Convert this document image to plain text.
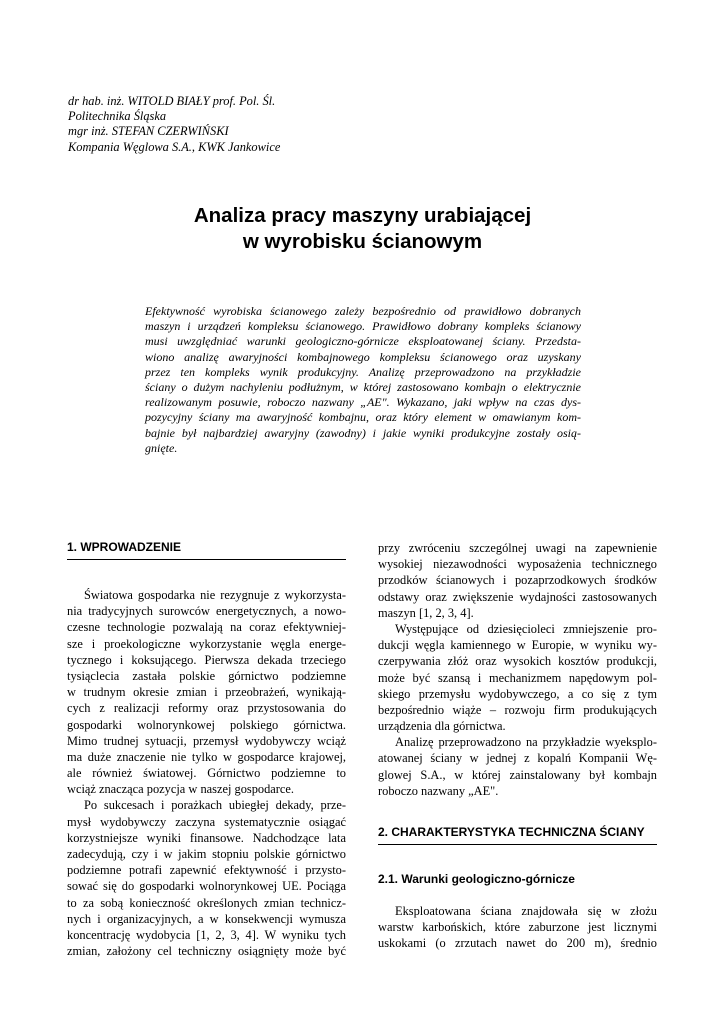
dr hab. inż. WITOLD BIAŁY prof. Pol. Śl.
Politechnika Śląska
mgr inż. STEFAN CZERWIŃSKI
Kompania Węglowa S.A., KWK Jankowice
Analiza pracy maszyny urabiającej
w wyrobisku ścianowym
Efektywność wyrobiska ścianowego zależy bezpośrednio od prawidłowo dobranych
maszyn i urządzeń kompleksu ścianowego. Prawidłowo dobrany kompleks ścianowy
musi uwzględniać warunki geologiczno-górnicze eksploatowanej ściany. Przedsta-
wiono analizę awaryjności kombajnowego kompleksu ścianowego oraz uzyskany
przez ten kompleks wynik produkcyjny. Analizę przeprowadzono na przykładzie
ściany o dużym nachyleniu podłużnym, w której zastosowano kombajn o elektrycznie
realizowanym posuwie, roboczo nazwany „AE". Wykazano, jaki wpływ na czas dys-
pozycyjny ściany ma awaryjność kombajnu, oraz który element w omawianym kom-
bajnie był najbardziej awaryjny (zawodny) i jakie wyniki produkcyjne zostały osią-
gnięte.
1. WPROWADZENIE
Światowa gospodarka nie rezygnuje z wykorzysta-
nia tradycyjnych surowców energetycznych, a nowo-
czesne technologie pozwalają na coraz efektywniej-
sze i proekologiczne wykorzystanie węgla energe-
tycznego i koksującego. Pierwsza dekada trzeciego
tysiąclecia zastała polskie górnictwo podziemne
w trudnym okresie zmian i przeobrażeń, wynikają-
cych z realizacji reformy oraz przystosowania do
gospodarki wolnorynkowej polskiego górnictwa.
Mimo trudnej sytuacji, przemysł wydobywczy wciąż
ma duże znaczenie nie tylko w gospodarce krajowej,
ale również światowej. Górnictwo podziemne to
wciąż znacząca pozycja w naszej gospodarce.
Po sukcesach i porażkach ubiegłej dekady, prze-
mysł wydobywczy zaczyna systematycznie osiągać
korzystniejsze wyniki finansowe. Nadchodzące lata
zadecydują, czy i w jakim stopniu polskie górnictwo
podziemne potrafi zapewnić efektywność i przysto-
sować się do gospodarki wolnorynkowej UE. Pociąga
to za sobą konieczność określonych zmian technicz-
nych i organizacyjnych, a w konsekwencji wymusza
koncentrację wydobycia [1, 2, 3, 4]. W wyniku tych
zmian, założony cel techniczny osiągnięty może być
przy zwróceniu szczególnej uwagi na zapewnienie
wysokiej niezawodności wyposażenia technicznego
przodków ścianowych i pozaprzodkowych środków
odstawy oraz zwiększenie wydajności zastosowanych
maszyn [1, 2, 3, 4].
Występujące od dziesięcioleci zmniejszenie pro-
dukcji węgla kamiennego w Europie, w wyniku wy-
czerpywania złóż oraz wysokich kosztów produkcji,
może być szansą i mechanizmem napędowym pol-
skiego przemysłu wydobywczego, a co się z tym
bezpośrednio wiąże – rozwoju firm produkujących
urządzenia dla górnictwa.
Analizę przeprowadzono na przykładzie wyeksplo-
atowanej ściany w jednej z kopalń Kompanii Wę-
glowej S.A., w której zainstalowany był kombajn
roboczo nazwany „AE".
2. CHARAKTERYSTYKA TECHNICZNA ŚCIANY
2.1. Warunki geologiczno-górnicze
Eksploatowana ściana znajdowała się w złożu
warstw karbońskich, które zaburzone jest licznymi
uskokami (o zrzutach nawet do 200 m), średnio
